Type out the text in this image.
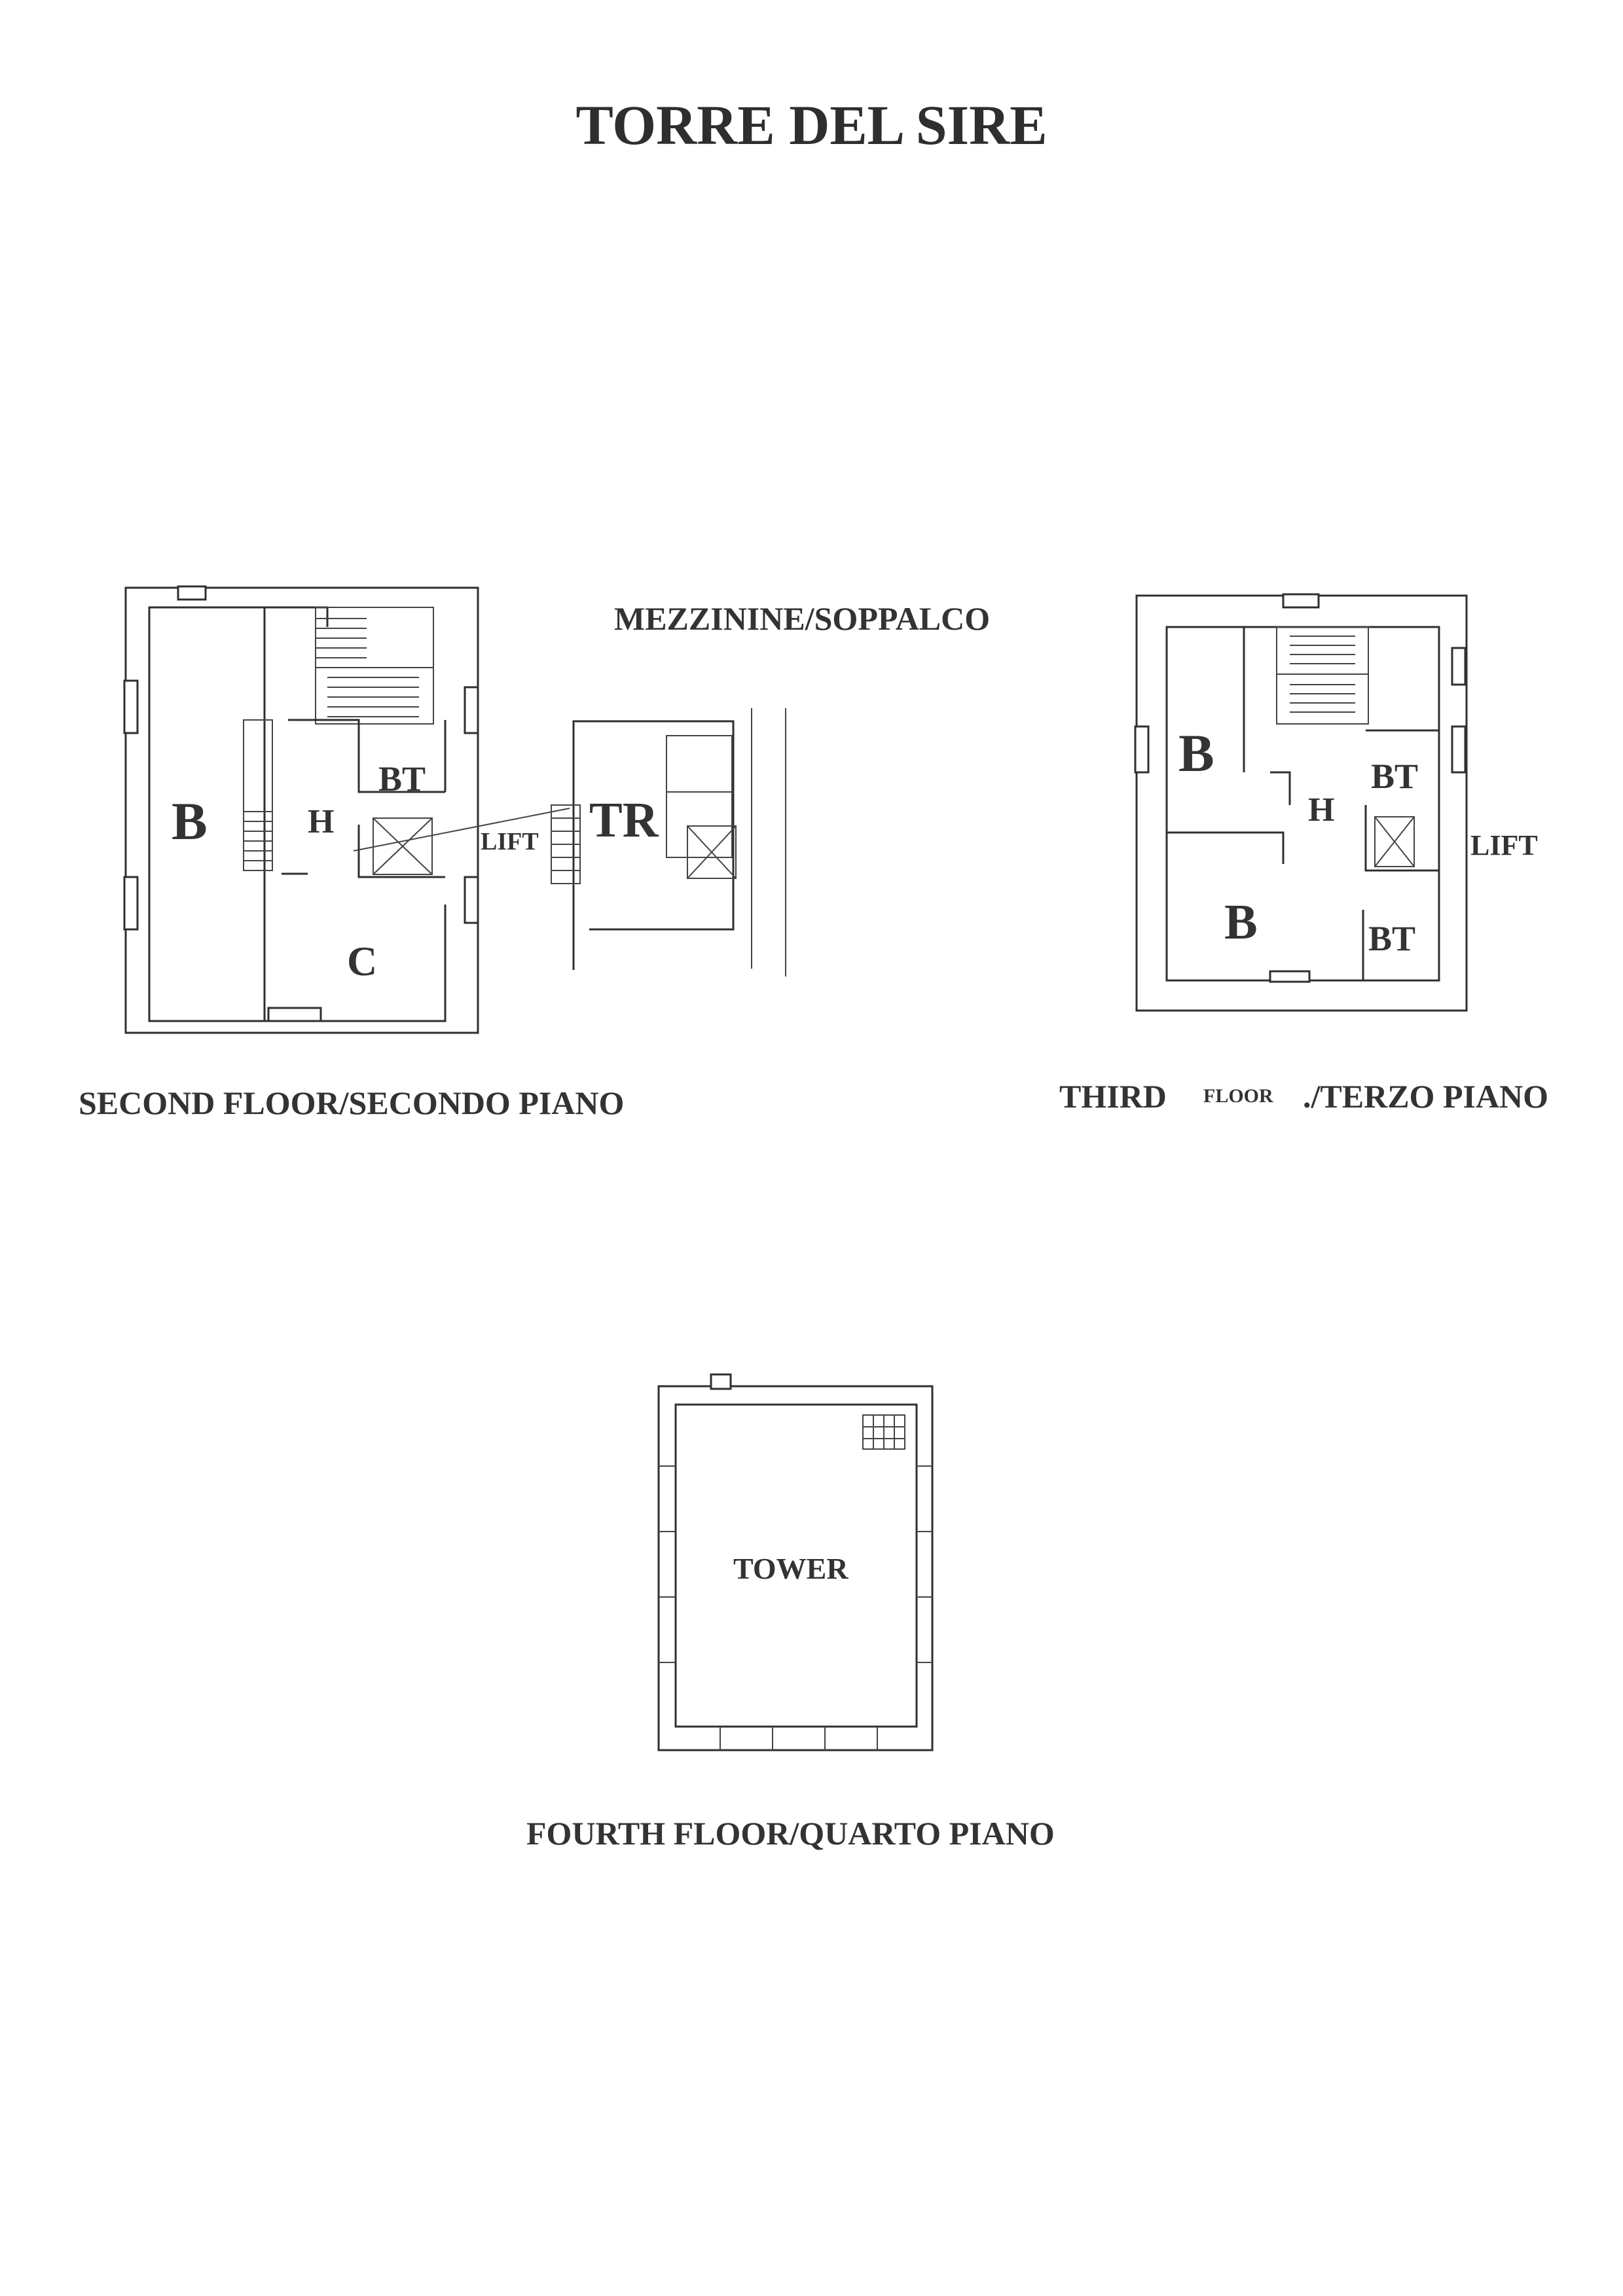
TORRE DEL SIRE
B	H
BT
C
LIFT TR
B
H
BT
B	BT
LIFT
TOWER
SECOND FLOOR/SECONDO PIANO
MEZZININE/SOPPALCO
THIRD FLOOR ./TERZO PIANO
FOURTH FLOOR/QUARTO PIANO
